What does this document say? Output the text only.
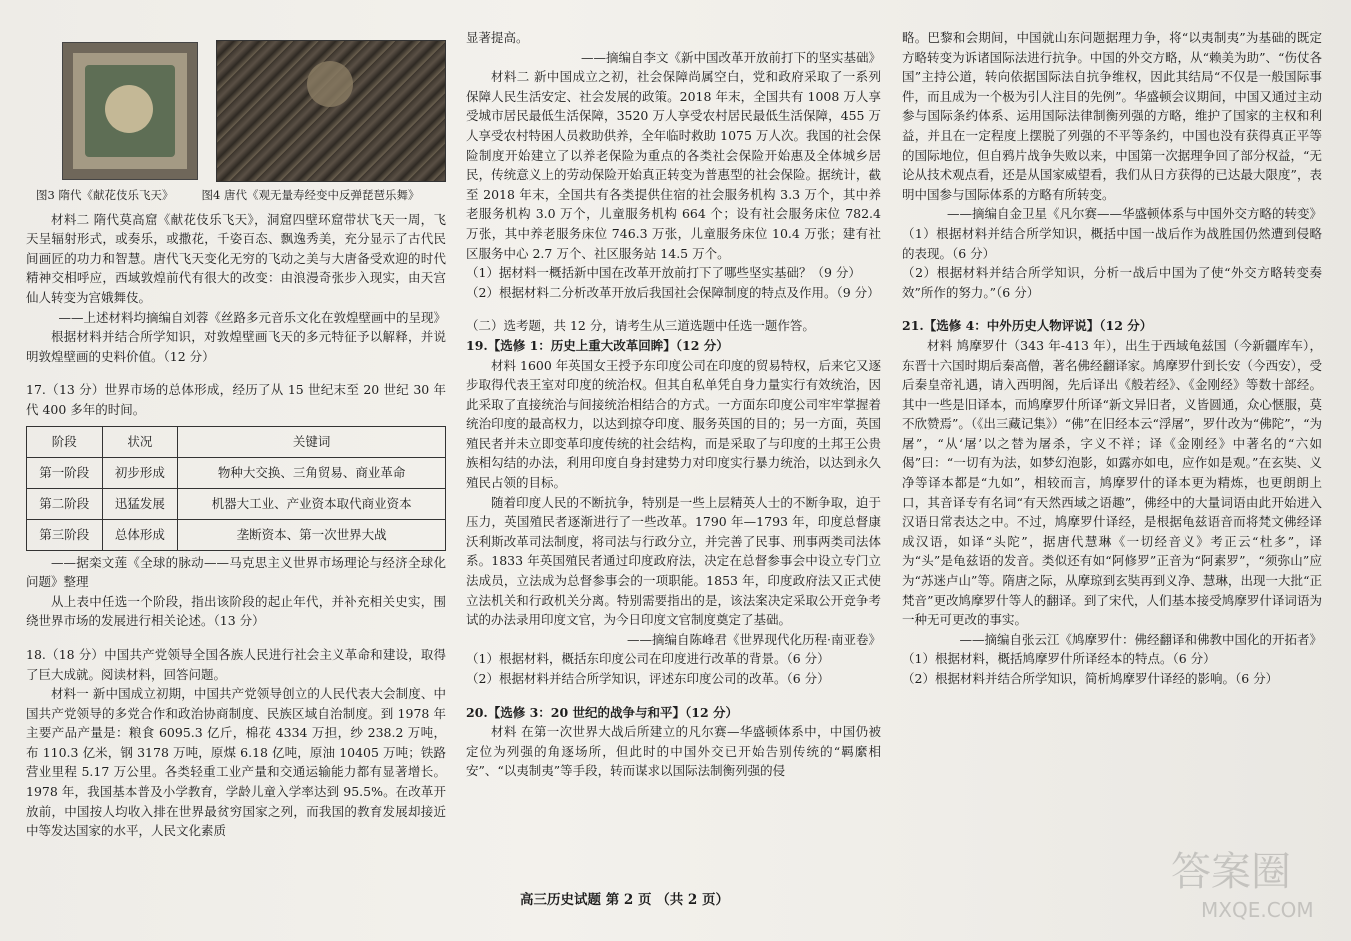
图3 隋代《献花伎乐飞天》 图4 唐代《观无量寿经变中反弹琵琶乐舞》

材料二 隋代莫高窟《献花伎乐飞天》，洞窟四壁环窟带状飞天一周，飞天呈辐射形式，或奏乐，或撒花，千姿百态、飘逸秀美，充分显示了古代民间画匠的功力和智慧。唐代飞天变化无穷的飞动之美与大唐备受欢迎的时代精神交相呼应，西域敦煌前代有很大的改变：由浪漫奇张步入现实，由天宫仙人转变为宫娥舞伎。

——上述材料均摘编自刘蓉《丝路多元音乐文化在敦煌壁画中的呈现》

根据材料并结合所学知识，对敦煌壁画飞天的多元特征予以解释，并说明敦煌壁画的史料价值。（12 分）

17.（13 分）世界市场的总体形成，经历了从 15 世纪末至 20 世纪 30 年代 400 多年的时间。

阶段	状况	关键词
第一阶段	初步形成	物种大交换、三角贸易、商业革命
第二阶段	迅猛发展	机器大工业、产业资本取代商业资本
第三阶段	总体形成	垄断资本、第一次世界大战

——据栾文莲《全球的脉动——马克思主义世界市场理论与经济全球化问题》整理

从上表中任选一个阶段，指出该阶段的起止年代，并补充相关史实，围绕世界市场的发展进行相关论述。（13 分）

18.（18 分）中国共产党领导全国各族人民进行社会主义革命和建设，取得了巨大成就。阅读材料，回答问题。

材料一 新中国成立初期，中国共产党领导创立的人民代表大会制度、中国共产党领导的多党合作和政治协商制度、民族区域自治制度。到 1978 年主要产品产量是：粮食 6095.3 亿斤，棉花 4334 万担，纱 238.2 万吨，布 110.3 亿米，钢 3178 万吨，原煤 6.18 亿吨，原油 10405 万吨；铁路营业里程 5.17 万公里。各类轻重工业产量和交通运输能力都有显著增长。1978 年，我国基本普及小学教育，学龄儿童入学率达到 95.5%。在改革开放前，中国按人均收入排在世界最贫穷国家之列，而我国的教育发展却接近中等发达国家的水平，人民文化素质

显著提高。

——摘编自李文《新中国改革开放前打下的坚实基础》

材料二 新中国成立之初，社会保障尚属空白，党和政府采取了一系列保障人民生活安定、社会发展的政策。2018 年末，全国共有 1008 万人享受城市居民最低生活保障，3520 万人享受农村居民最低生活保障，455 万人享受农村特困人员救助供养，全年临时救助 1075 万人次。我国的社会保险制度开始建立了以养老保险为重点的各类社会保险开始惠及全体城乡居民，传统意义上的劳动保险开始真正转变为普惠型的社会保险。据统计，截至 2018 年末，全国共有各类提供住宿的社会服务机构 3.3 万个，其中养老服务机构 3.0 万个，儿童服务机构 664 个；设有社会服务床位 782.4 万张，其中养老服务床位 746.3 万张，儿童服务床位 10.4 万张；建有社区服务中心 2.7 万个、社区服务站 14.5 万个。

（1）据材料一概括新中国在改革开放前打下了哪些坚实基础？（9 分）

（2）根据材料二分析改革开放后我国社会保障制度的特点及作用。（9 分）

（二）选考题，共 12 分，请考生从三道选题中任选一题作答。

19.【选修 1：历史上重大改革回眸】（12 分）

材料 1600 年英国女王授予东印度公司在印度的贸易特权，后来它又逐步取得代表王室对印度的统治权。但其自私单凭自身力量实行有效统治，因此采取了直接统治与间接统治相结合的方式。一方面东印度公司牢牢掌握着统治印度的最高权力，以达到掠夺印度、服务英国的目的；另一方面，英国殖民者并未立即变革印度传统的社会结构，而是采取了与印度的土邦王公贵族相勾结的办法，利用印度自身封建势力对印度实行暴力统治，以达到永久殖民占领的目标。

随着印度人民的不断抗争，特别是一些上层精英人士的不断争取，迫于压力，英国殖民者逐渐进行了一些改革。1790 年—1793 年，印度总督康沃利斯改革司法制度，将司法与行政分立，并完善了民事、刑事两类司法体系。1833 年英国殖民者通过印度政府法，决定在总督参事会中设立专门立法成员，立法成为总督参事会的一项职能。1853 年，印度政府法又正式使立法机关和行政机关分离。特别需要指出的是，该法案决定采取公开竞争考试的办法录用印度文官，为今日印度文官制度奠定了基础。

——摘编自陈峰君《世界现代化历程·南亚卷》

（1）根据材料，概括东印度公司在印度进行改革的背景。（6 分）

（2）根据材料并结合所学知识，评述东印度公司的改革。（6 分）

20.【选修 3：20 世纪的战争与和平】（12 分）

材料 在第一次世界大战后所建立的凡尔赛—华盛顿体系中，中国仍被定位为列强的角逐场所，但此时的中国外交已开始告别传统的“羁縻相安”、“以夷制夷”等手段，转而谋求以国际法制衡列强的侵

略。巴黎和会期间，中国就山东问题据理力争，将“以夷制夷”为基础的既定方略转变为诉诸国际法进行抗争。中国的外交方略，从“赖美为助”、“伤仗各国”主持公道，转向依据国际法自抗争维权，因此其结局“不仅是一般国际事件，而且成为一个极为引人注目的先例”。华盛顿会议期间，中国又通过主动参与国际条约体系、运用国际法律制衡列强的方略，维护了国家的主权和利益，并且在一定程度上摆脱了列强的不平等条约，中国也没有获得真正平等的国际地位，但自鸦片战争失败以来，中国第一次据理争回了部分权益，“无论从技术观点看，还是从国家威望看，我们从日方获得的已达最大限度”，表明中国参与国际体系的方略有所转变。

——摘编自金卫星《凡尔赛——华盛顿体系与中国外交方略的转变》

（1）根据材料并结合所学知识，概括中国一战后作为战胜国仍然遭到侵略的表现。（6 分）

（2）根据材料并结合所学知识，分析一战后中国为了使“外交方略转变奏效”所作的努力。”（6 分）

21.【选修 4：中外历史人物评说】（12 分）

材料 鸠摩罗什（343 年-413 年），出生于西域龟兹国（今新疆库车），东晋十六国时期后秦高僧，著名佛经翻译家。鸠摩罗什到长安（今西安），受后秦皇帝礼遇，请入西明阁，先后译出《般若经》、《金刚经》等数十部经。其中一些是旧译本，而鸠摩罗什所译“新文异旧者，义皆圆通，众心惬服，莫不欣赞焉”。（《出三藏记集》）“佛”在旧经本云“浮屠”，罗什改为“佛陀”，“为屠”，“从‘屠’以之替为屠杀，字义不祥；译《金刚经》中著名的“六如偈”曰：“一切有为法，如梦幻泡影，如露亦如电，应作如是观。”在玄奘、义净等译本都是“九如”，相较而言，鸠摩罗什的译本更为精炼，也更朗朗上口，其音译专有名词“有天然西域之语趣”，佛经中的大量词语由此开始进入汉语日常表达之中。不过，鸠摩罗什译经，是根据龟兹语音而将梵文佛经译成汉语，如译“头陀”，据唐代慧琳《一切经音义》考正云“杜多”，译为“头”是龟兹语的发音。类似还有如“阿修罗”正音为“阿素罗”，“须弥山”应为“苏迷卢山”等。隋唐之际，从摩琼到玄奘再到义净、慧琳，出现一大批“正梵音”更改鸠摩罗什等人的翻译。到了宋代，人们基本接受鸠摩罗什译词语为一种无可更改的事实。

——摘编自张云江《鸠摩罗什：佛经翻译和佛教中国化的开拓者》

（1）根据材料，概括鸠摩罗什所译经本的特点。（6 分）

（2）根据材料并结合所学知识，简析鸠摩罗什译经的影响。（6 分）

高三历史试题 第 2 页 （共 2 页）
答案圈
MXQE.COM
